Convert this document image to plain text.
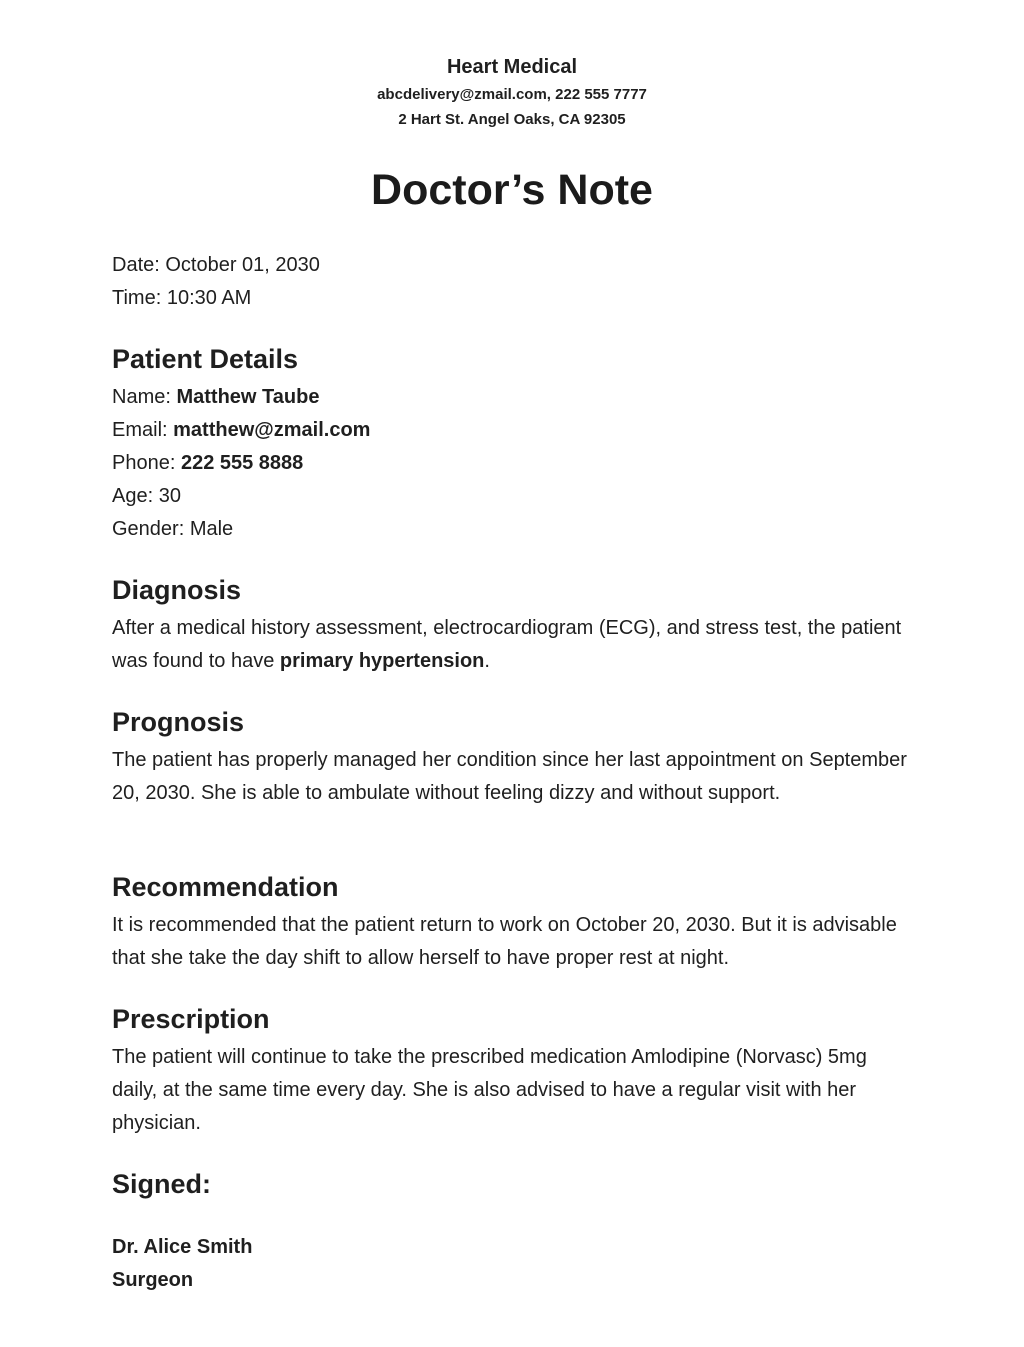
Heart Medical
abcdelivery@zmail.com, 222 555 7777
2 Hart St. Angel Oaks, CA 92305
Doctor’s Note
Date: October 01, 2030
Time: 10:30 AM
Patient Details
Name: Matthew Taube
Email: matthew@zmail.com
Phone: 222 555 8888
Age: 30
Gender: Male
Diagnosis
After a medical history assessment, electrocardiogram (ECG), and stress test, the patient was found to have primary hypertension.
Prognosis
The patient has properly managed her condition since her last appointment on September 20, 2030. She is able to ambulate without feeling dizzy and without support.
Recommendation
It is recommended that the patient return to work on October 20, 2030. But it is advisable that she take the day shift to allow herself to have proper rest at night.
Prescription
The patient will continue to take the prescribed medication Amlodipine (Norvasc) 5mg daily, at the same time every day. She is also advised to have a regular visit with her physician.
Signed:
Dr. Alice Smith
Surgeon
